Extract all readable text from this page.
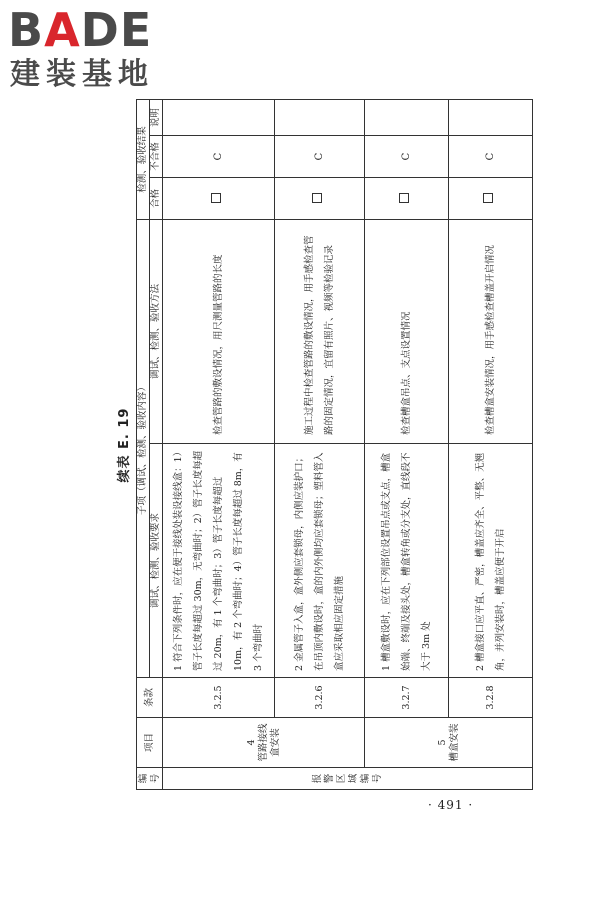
BADE
建装基地
续表 E. 19
编号	项目	条款	子项（调试、检测、验收内容）		检测、验收结果		
			调试、检测、验收要求	调试、检测、验收方法	合格	不合格	说明
报警区域编号	4 管路接线盒安装	3.2.5	1 符合下列条件时，应在便于接线处装设接线盒：1）管子长度每超过 30m，无弯曲时；2）管子长度每超过 20m，有 1 个弯曲时；3）管子长度每超过 10m，有 2 个弯曲时；4）管子长度每超过 8m，有 3 个弯曲时	检查管路的敷设情况，用尺测量管路的长度		C	
		3.2.6	2 金属管子入盒，盒外侧应套锁母，内侧应装护口；在吊顶内敷设时，盒的内外侧均应套锁母；塑料管入盒应采取相应固定措施	施工过程中检查管路的敷设情况，用手感检查管路的固定情况，宜留有照片、视频等检验记录		C	

	5 槽盒安装	3.2.7	1 槽盒敷设时，应在下列部位设置吊点或支点，槽盒始端、终端及接头处，槽盒转角或分支处，直线段不大于 3m 处	检查槽盒吊点、支点设置情况		C	
		3.2.8	2 槽盒接口应平直、严密，槽盖应齐全、平整、无翘角，并列安装时，槽盖应便于开启	检查槽盒安装情况，用手感检查槽盖开启情况		C	
· 491 ·
